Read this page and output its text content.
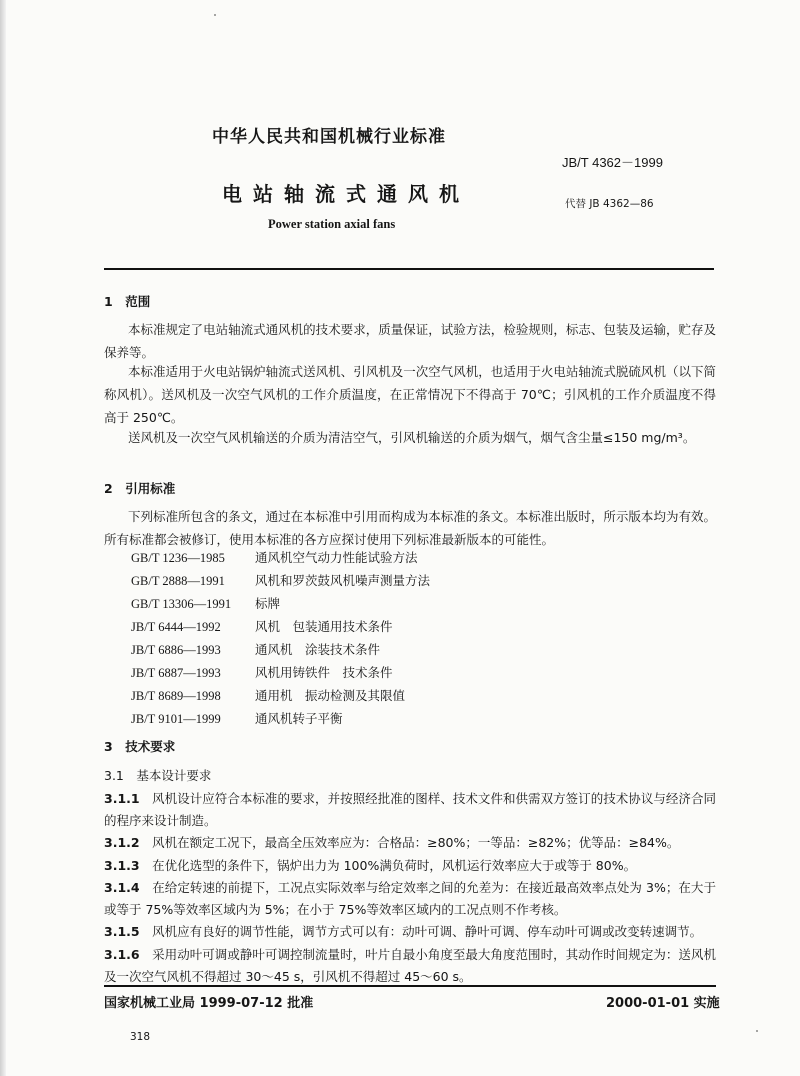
中华人民共和国机械行业标准
JB/T 4362－1999
电站轴流式通风机	代替 JB 4362—86
Power station axial fans
1　范围
本标准规定了电站轴流式通风机的技术要求，质量保证，试验方法，检验规则，标志、包装及运输，贮存及保养等。
本标准适用于火电站锅炉轴流式送风机、引风机及一次空气风机，也适用于火电站轴流式脱硫风机（以下简称风机）。送风机及一次空气风机的工作介质温度，在正常情况下不得高于 70℃；引风机的工作介质温度不得高于 250℃。
送风机及一次空气风机输送的介质为清洁空气，引风机输送的介质为烟气，烟气含尘量≤150 mg/m³。
2　引用标准
下列标准所包含的条文，通过在本标准中引用而构成为本标准的条文。本标准出版时，所示版本均为有效。所有标准都会被修订，使用本标准的各方应探讨使用下列标准最新版本的可能性。
GB/T 1236—1985 通风机空气动力性能试验方法
GB/T 2888—1991 风机和罗茨鼓风机噪声测量方法
GB/T 13306—1991 标牌
JB/T 6444—1992	风机　包装通用技术条件
JB/T 6886—1993	通风机　涂装技术条件
JB/T 6887—1993	风机用铸铁件　技术条件
JB/T 8689—1998	通用机　振动检测及其限值
JB/T 9101—1999	通风机转子平衡
3　技术要求
3.1　基本设计要求
3.1.1　 风机设计应符合本标准的要求，并按照经批准的图样、技术文件和供需双方签订的技术协议与经济合同的程序来设计制造。
3.1.2　 风机在额定工况下，最高全压效率应为：合格品：≥80%；一等品：≥82%；优等品：≥84%。
3.1.3　 在优化选型的条件下，锅炉出力为 100%满负荷时，风机运行效率应大于或等于 80%。
3.1.4　 在给定转速的前提下，工况点实际效率与给定效率之间的允差为：在接近最高效率点处为 3%；在大于或等于 75%等效率区域内为 5%；在小于 75%等效率区域内的工况点则不作考核。
3.1.5　 风机应有良好的调节性能，调节方式可以有：动叶可调、静叶可调、停车动叶可调或改变转速调节。
3.1.6　 采用动叶可调或静叶可调控制流量时，叶片自最小角度至最大角度范围时，其动作时间规定为：送风机及一次空气风机不得超过 30～45 s，引风机不得超过 45～60 s。
国家机械工业局 1999-07-12 批准	2000-01-01 实施
318
